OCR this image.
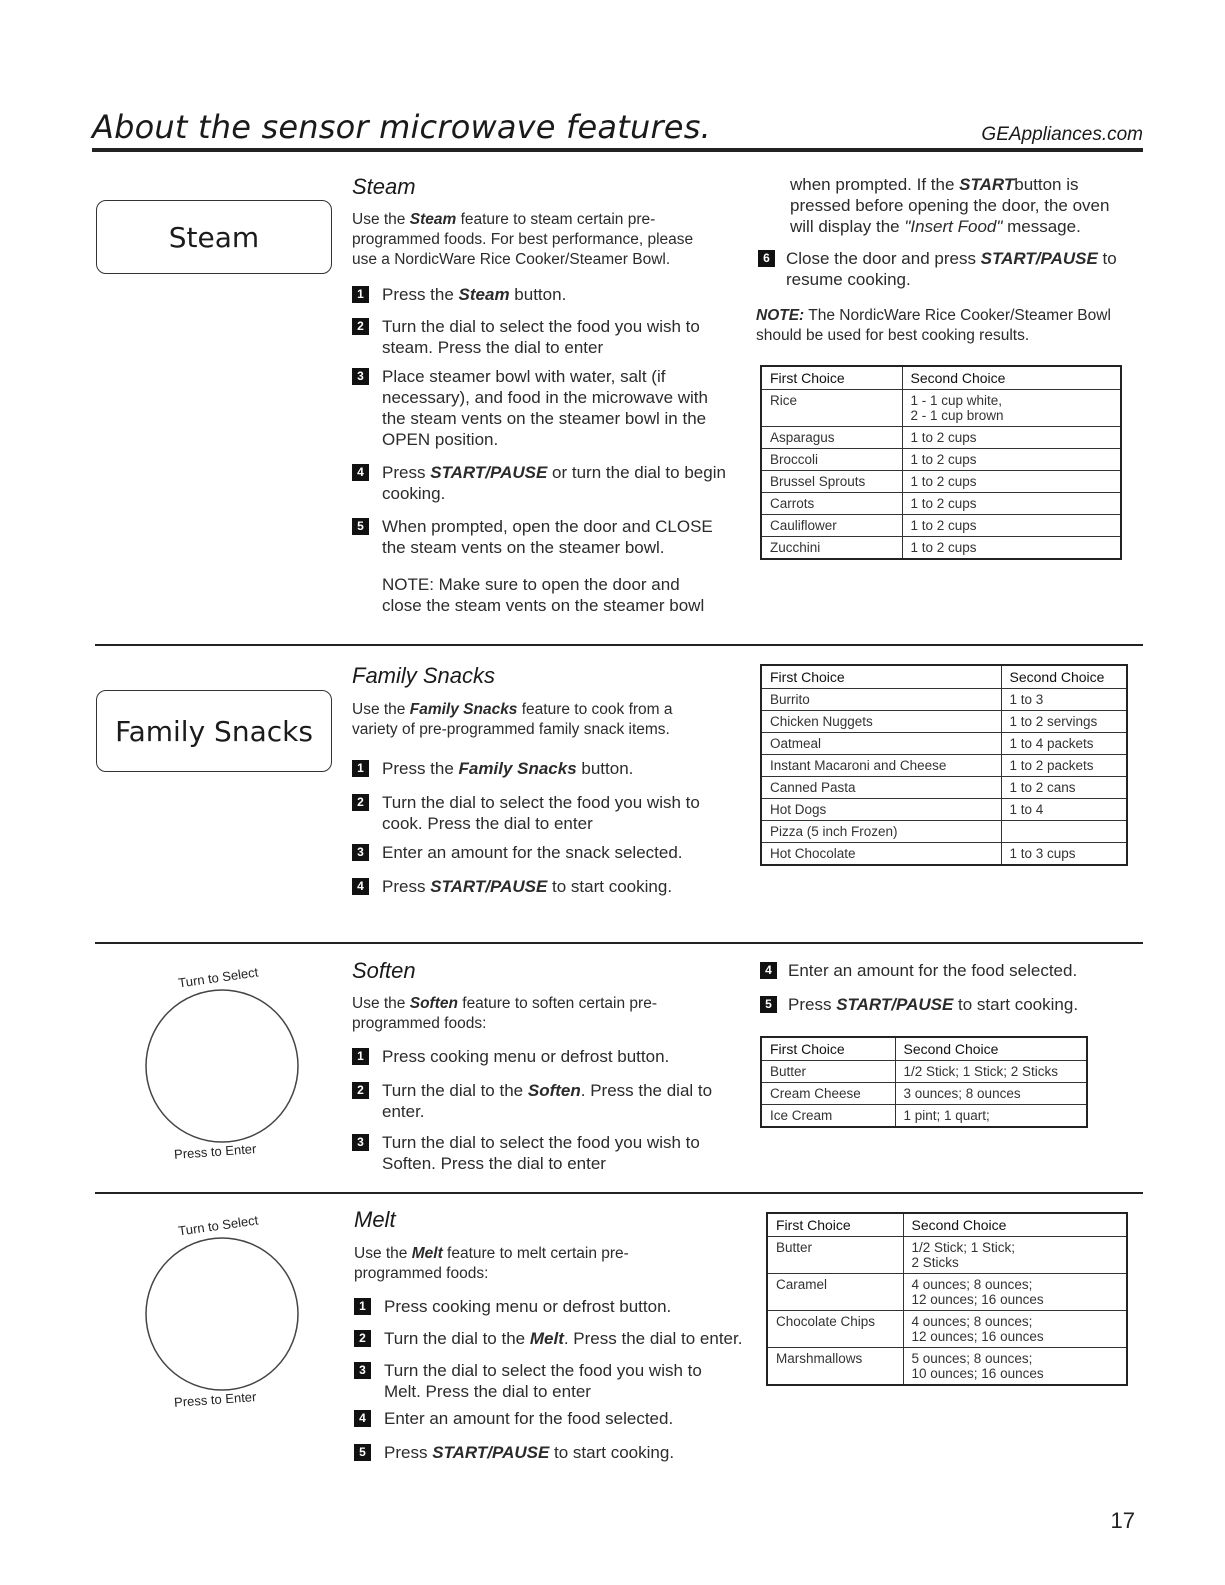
About the sensor microwave features.	GEAppliances.com
Steam
Steam
Use the Steam feature to steam certain pre-programmed foods. For best performance, please use a NordicWare Rice Cooker/Steamer Bowl.
1	Press the Steam button.
2	Turn the dial to select the food you wish to
steam. Press the dial to enter
3	Place steamer bowl with water, salt (if
necessary), and food in the microwave with
the steam vents on the steamer bowl in the
OPEN position.
4	Press START/PAUSE or turn the dial to begin
cooking.
5	When prompted, open the door and CLOSE
the steam vents on the steamer bowl.
NOTE: Make sure to open the door and
close the steam vents on the steamer bowl
when prompted. If the STARTbutton is
pressed before opening the door, the oven
will display the "Insert Food" message.
6 Close the door and press START/PAUSE to
resume cooking.
NOTE: The NordicWare Rice Cooker/Steamer Bowl
should be used for best cooking results.
First Choice	Second Choice
Rice	1 - 1 cup white,
2 - 1 cup brown

Asparagus	1 to 2 cups
Broccoli	1 to 2 cups
Brussel Sprouts	1 to 2 cups
Carrots	1 to 2 cups
Cauliflower	1 to 2 cups
Zucchini	1 to 2 cups
Family Snacks
Family Snacks
Use the Family Snacks feature to cook from a
variety of pre-programmed family snack items.
1	Press the Family Snacks button.
2	Turn the dial to select the food you wish to
cook. Press the dial to enter
3	Enter an amount for the snack selected.
4	Press START/PAUSE to start cooking.
First Choice	Second Choice
Burrito	1 to 3
Chicken Nuggets	1 to 2 servings
Oatmeal	1 to 4 packets
Instant Macaroni and Cheese	1 to 2 packets
Canned Pasta	1 to 2 cans
Hot Dogs	1 to 4
Pizza (5 inch Frozen)	
Hot Chocolate	1 to 3 cups
Turn to Select
Press to Enter
Soften
Use the Soften feature to soften certain pre-
programmed foods:
1	Press cooking menu or defrost button.
2	Turn the dial to the Soften. Press the dial to
enter.
3	Turn the dial to select the food you wish to
Soften. Press the dial to enter
4 Enter an amount for the food selected.
5 Press START/PAUSE to start cooking.
First Choice	Second Choice
Butter	1/2 Stick; 1 Stick; 2 Sticks
Cream Cheese	3 ounces; 8 ounces
Ice Cream	1 pint; 1 quart;
Turn to Select
Press to Enter
Melt
Use the Melt feature to melt certain pre-
programmed foods:
1	Press cooking menu or defrost button.
2	Turn the dial to the Melt. Press the dial to enter.
3	Turn the dial to select the food you wish to
Melt. Press the dial to enter
4	Enter an amount for the food selected.
5	Press START/PAUSE to start cooking.
First Choice	Second Choice
Butter	1/2 Stick; 1 Stick;
2 Sticks

Caramel	4 ounces; 8 ounces;
12 ounces; 16 ounces

Chocolate Chips	4 ounces; 8 ounces;
12 ounces; 16 ounces

Marshmallows	5 ounces; 8 ounces;
10 ounces; 16 ounces
17
